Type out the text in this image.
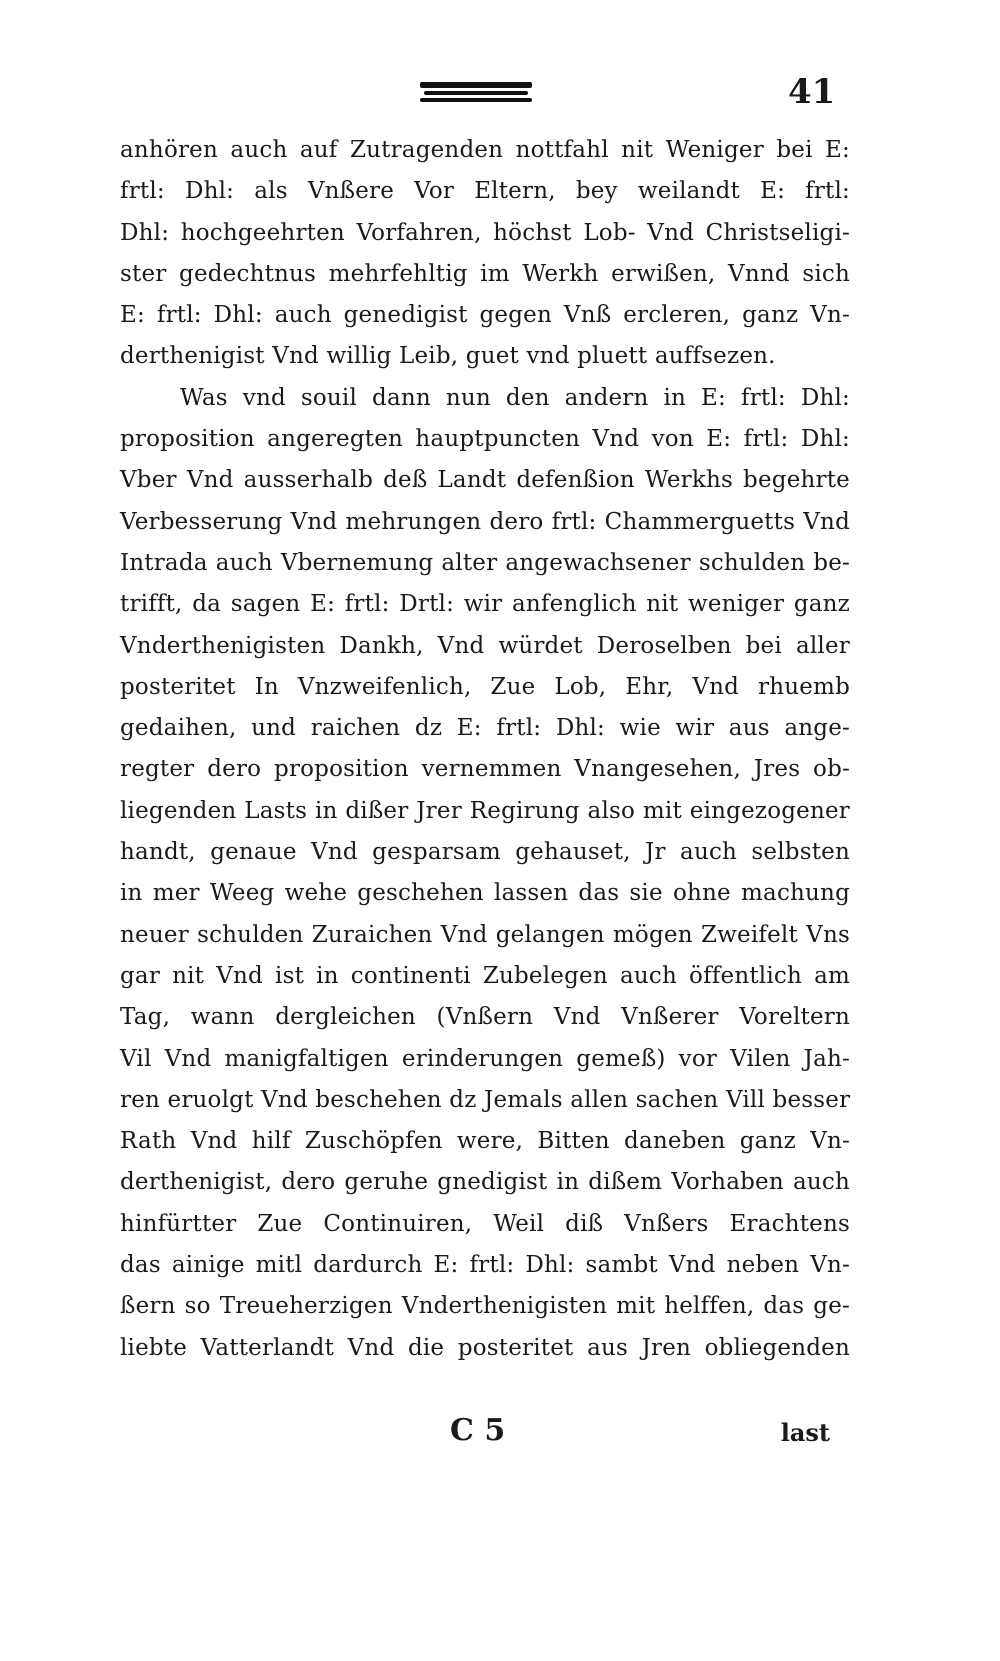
41
anhören auch auf Zutragenden nottfahl nit Weniger bei E:
frtl: Dhl: als Vnßere Vor Eltern, bey weilandt E: frtl:
Dhl: hochgeehrten Vorfahren, höchst Lob- Vnd Christseligi-
ster gedechtnus mehrfehltig im Werkh erwißen, Vnnd sich
E: frtl: Dhl: auch genedigist gegen Vnß ercleren, ganz Vn-
derthenigist Vnd willig Leib, guet vnd pluett auffsezen.
Was vnd souil dann nun den andern in E: frtl: Dhl:
proposition angeregten hauptpuncten Vnd von E: frtl: Dhl:
Vber Vnd ausserhalb deß Landt defenßion Werkhs begehrte
Verbesserung Vnd mehrungen dero frtl: Chammerguetts Vnd
Intrada auch Vbernemung alter angewachsener schulden be-
trifft, da sagen E: frtl: Drtl: wir anfenglich nit weniger ganz
Vnderthenigisten Dankh, Vnd würdet Deroselben bei aller
posteritet In Vnzweifenlich, Zue Lob, Ehr, Vnd rhuemb
gedaihen, und raichen dz E: frtl: Dhl: wie wir aus ange-
regter dero proposition vernemmen Vnangesehen, Jres ob-
liegenden Lasts in dißer Jrer Regirung also mit eingezogener
handt, genaue Vnd gesparsam gehauset, Jr auch selbsten
in mer Weeg wehe geschehen lassen das sie ohne machung
neuer schulden Zuraichen Vnd gelangen mögen Zweifelt Vns
gar nit Vnd ist in continenti Zubelegen auch öffentlich am
Tag, wann dergleichen (Vnßern Vnd Vnßerer Voreltern
Vil Vnd manigfaltigen erinderungen gemeß) vor Vilen Jah-
ren eruolgt Vnd beschehen dz Jemals allen sachen Vill besser
Rath Vnd hilf Zuschöpfen were, Bitten daneben ganz Vn-
derthenigist, dero geruhe gnedigist in dißem Vorhaben auch
hinfürtter Zue Continuiren, Weil diß Vnßers Erachtens
das ainige mitl dardurch E: frtl: Dhl: sambt Vnd neben Vn-
ßern so Treueherzigen Vnderthenigisten mit helffen, das ge-
liebte Vatterlandt Vnd die posteritet aus Jren obliegenden
C 5	last
